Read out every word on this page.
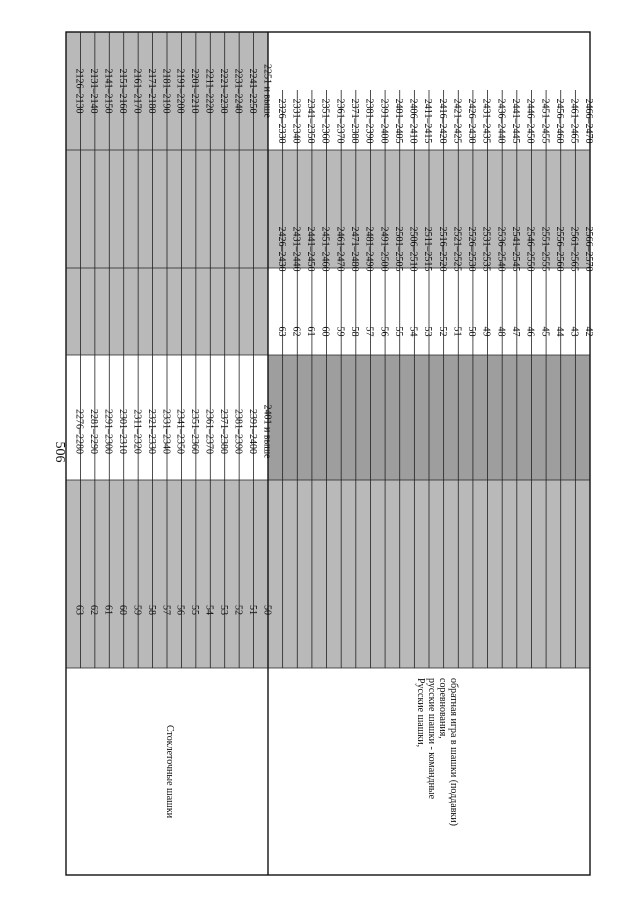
506
2126–2130
2276–2280
63
2131–2140
2281–2290
62
2141–2150
2291–2300
61
2151–2160
2301–2310
60
2161–2170
2311–2320
59
2171–2180
2321–2330
58
2181–2190
2331–2340
57
2191–2200
2341–2350
56
2201–2210
2351–2360
55
2211–2220
2361–2370
54
2221–2230
2371–2380
53
2231–2240
2381–2390
52
2241–2250
2391–2400
51
2251 и выше
2401 и выше
50
2326–2330
2426–2430
63
2331–2340
2431–2440
62
2341–2350
2441–2450
61
2351–2360
2451–2460
60
2361–2370
2461–2470
59
2371–2380
2471–2480
58
2381–2390
2481–2490
57
2391–2400
2491–2500
56
2401–2405
2501–2505
55
2406–2410
2506–2510
54
2411–2415
2511–2515
53
2416–2420
2516–2520
52
2421–2425
2521–2525
51
2426–2430
2526–2530
50
2431–2435
2531–2535
49
2436–2440
2536–2540
48
2441–2445
2541–2545
47
2446–2450
2546–2550
46
2451–2455
2551–2555
45
2456–2460
2556–2560
44
2461–2465
2561–2565
43
2466–2470
2566–2570
42
Стоклеточные шашки
Русские шашки, русские шашки - командные соревнования, обратная игра в шашки (поддавки)
